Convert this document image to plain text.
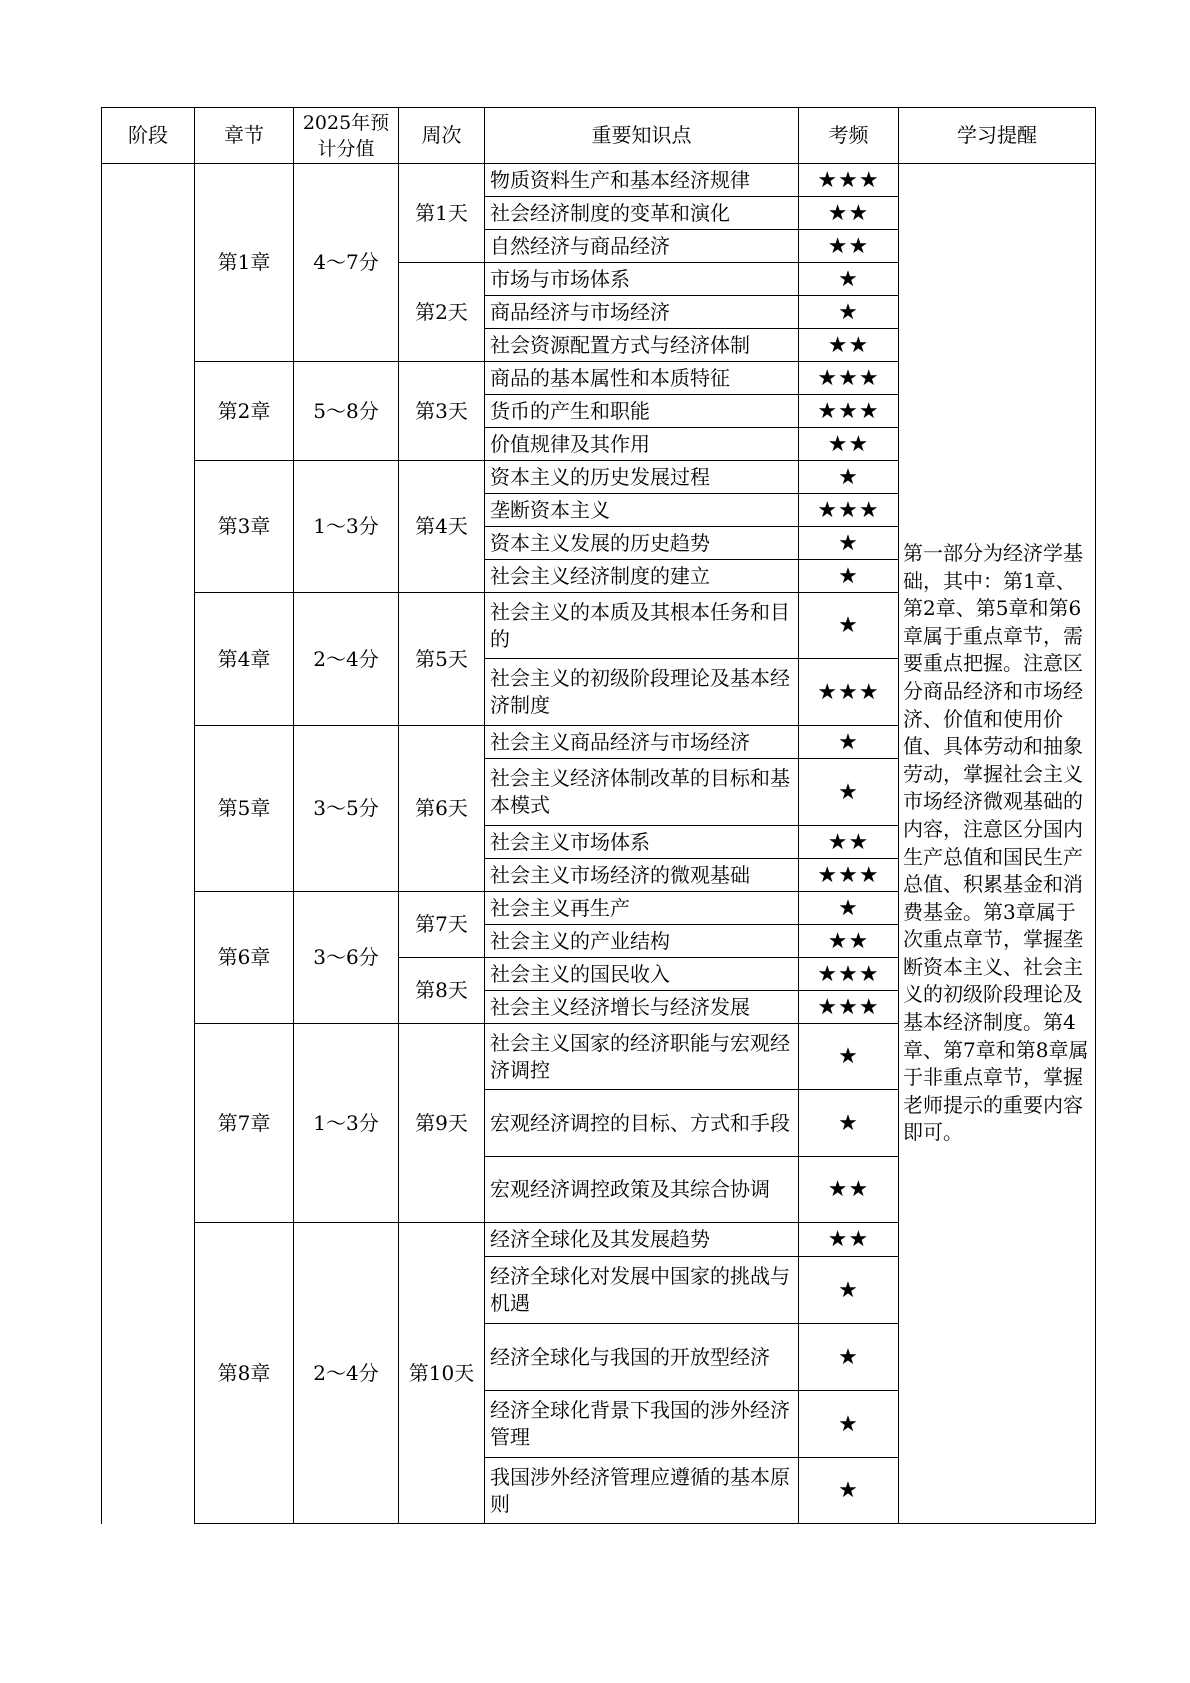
阶段	章节	2025年预计分值	周次	重要知识点	考频	学习提醒
	第1章	4～7分	第1天	物质资料生产和基本经济规律	★★★	第一部分为经济学基础，其中：第1章、第2章、第5章和第6章属于重点章节，需要重点把握。注意区分商品经济和市场经济、价值和使用价值、具体劳动和抽象劳动，掌握社会主义市场经济微观基础的内容，注意区分国内生产总值和国民生产总值、积累基金和消费基金。第3章属于次重点章节，掌握垄断资本主义、社会主义的初级阶段理论及基本经济制度。第4章、第7章和第8章属于非重点章节，掌握老师提示的重要内容即可。
				社会经济制度的变革和演化	★★	
				自然经济与商品经济	★★	
			第2天	市场与市场体系	★	
				商品经济与市场经济	★	
				社会资源配置方式与经济体制	★★	
	第2章	5～8分	第3天	商品的基本属性和本质特征	★★★	
				货币的产生和职能	★★★	
				价值规律及其作用	★★	
	第3章	1～3分	第4天	资本主义的历史发展过程	★	
				垄断资本主义	★★★	
				资本主义发展的历史趋势	★	
				社会主义经济制度的建立	★	
	第4章	2～4分	第5天	社会主义的本质及其根本任务和目的	★	
				社会主义的初级阶段理论及基本经济制度	★★★	
	第5章	3～5分	第6天	社会主义商品经济与市场经济	★	
				社会主义经济体制改革的目标和基本模式	★	
				社会主义市场体系	★★	
				社会主义市场经济的微观基础	★★★	
	第6章	3～6分	第7天	社会主义再生产	★	
				社会主义的产业结构	★★	
			第8天	社会主义的国民收入	★★★	
				社会主义经济增长与经济发展	★★★	
	第7章	1～3分	第9天	社会主义国家的经济职能与宏观经济调控	★	
				宏观经济调控的目标、方式和手段	★	
				宏观经济调控政策及其综合协调	★★	
	第8章	2～4分	第10天	经济全球化及其发展趋势	★★	
				经济全球化对发展中国家的挑战与机遇	★	
				经济全球化与我国的开放型经济	★	
				经济全球化背景下我国的涉外经济管理	★	
				我国涉外经济管理应遵循的基本原则	★	
